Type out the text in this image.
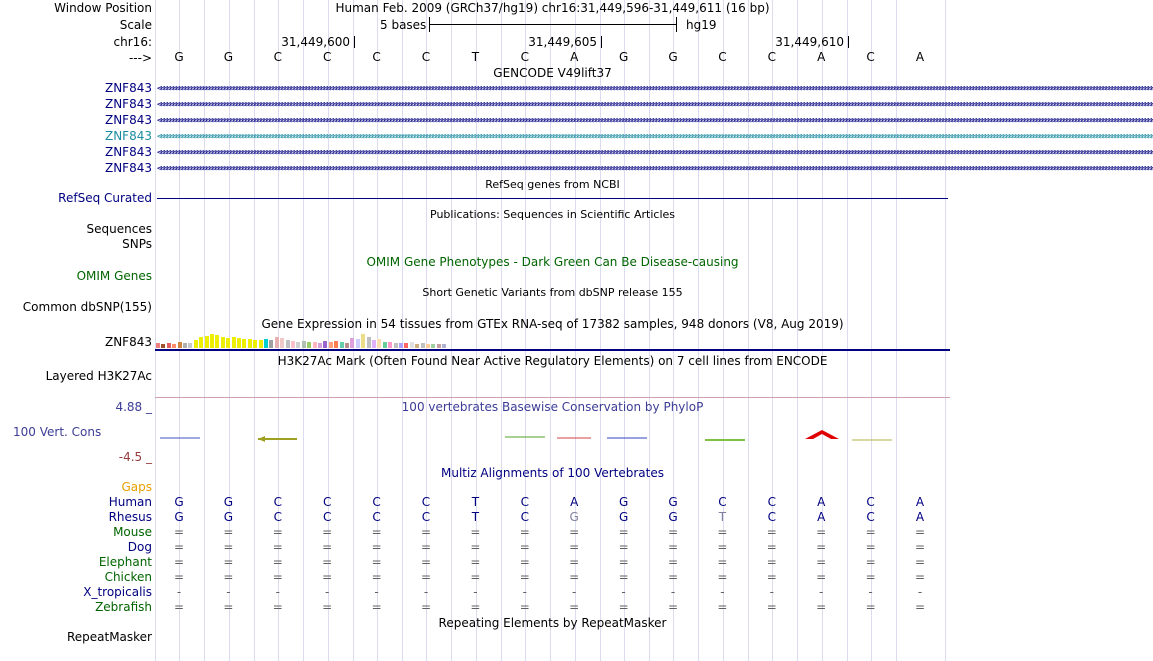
Window Position	Human Feb. 2009 (GRCh37/hg19) chr16:31,449,596-31,449,611 (16 bp)
Scale	5 bases	hg19
chr16:	31,449,600	31,449,605	31,449,610
--->	G	G	C	C	C	C	T	C	A	G	G	C	C	A	C	A
GENCODE V49lift37
ZNF843 <<<<<<<<<<<<<<<<<<<<<<<<<<<<<<<<<<<<<<<<<<<<<<<<<<<<<<<<<<<<<<<<<<<<<<<<<<<<<<<<<<<<<<<<<<<<<<<<<<<<<<<<<<<<<<<<<<<<<<<<<<<<<<<<<<<<<<<<<<<<<<<<<<<<<<<<<<<<<<<<<<<<<<<<<<<<<<<<<<<<<<<<<<<<<<<<<<<<<<<<<<<<<<<<<<<<<<<<<<<<<<<<<<<<<<<<<<<<<<<<<<<<<<<<<<<<<<<<<<<<<<<<<<<<<<<<<<<<<<<<<<<<<<<<<<<<<<<<<<<<<<<<<<<<<<<<<<<<<<<<<<<<<<<<<<
ZNF843 <<<<<<<<<<<<<<<<<<<<<<<<<<<<<<<<<<<<<<<<<<<<<<<<<<<<<<<<<<<<<<<<<<<<<<<<<<<<<<<<<<<<<<<<<<<<<<<<<<<<<<<<<<<<<<<<<<<<<<<<<<<<<<<<<<<<<<<<<<<<<<<<<<<<<<<<<<<<<<<<<<<<<<<<<<<<<<<<<<<<<<<<<<<<<<<<<<<<<<<<<<<<<<<<<<<<<<<<<<<<<<<<<<<<<<<<<<<<<<<<<<<<<<<<<<<<<<<<<<<<<<<<<<<<<<<<<<<<<<<<<<<<<<<<<<<<<<<<<<<<<<<<<<<<<<<<<<<<<<<<<<<<<<<<<<
ZNF843 <<<<<<<<<<<<<<<<<<<<<<<<<<<<<<<<<<<<<<<<<<<<<<<<<<<<<<<<<<<<<<<<<<<<<<<<<<<<<<<<<<<<<<<<<<<<<<<<<<<<<<<<<<<<<<<<<<<<<<<<<<<<<<<<<<<<<<<<<<<<<<<<<<<<<<<<<<<<<<<<<<<<<<<<<<<<<<<<<<<<<<<<<<<<<<<<<<<<<<<<<<<<<<<<<<<<<<<<<<<<<<<<<<<<<<<<<<<<<<<<<<<<<<<<<<<<<<<<<<<<<<<<<<<<<<<<<<<<<<<<<<<<<<<<<<<<<<<<<<<<<<<<<<<<<<<<<<<<<<<<<<<<<<<<<<
ZNF843 <<<<<<<<<<<<<<<<<<<<<<<<<<<<<<<<<<<<<<<<<<<<<<<<<<<<<<<<<<<<<<<<<<<<<<<<<<<<<<<<<<<<<<<<<<<<<<<<<<<<<<<<<<<<<<<<<<<<<<<<<<<<<<<<<<<<<<<<<<<<<<<<<<<<<<<<<<<<<<<<<<<<<<<<<<<<<<<<<<<<<<<<<<<<<<<<<<<<<<<<<<<<<<<<<<<<<<<<<<<<<<<<<<<<<<<<<<<<<<<<<<<<<<<<<<<<<<<<<<<<<<<<<<<<<<<<<<<<<<<<<<<<<<<<<<<<<<<<<<<<<<<<<<<<<<<<<<<<<<<<<<<<<<<<<<
ZNF843 <<<<<<<<<<<<<<<<<<<<<<<<<<<<<<<<<<<<<<<<<<<<<<<<<<<<<<<<<<<<<<<<<<<<<<<<<<<<<<<<<<<<<<<<<<<<<<<<<<<<<<<<<<<<<<<<<<<<<<<<<<<<<<<<<<<<<<<<<<<<<<<<<<<<<<<<<<<<<<<<<<<<<<<<<<<<<<<<<<<<<<<<<<<<<<<<<<<<<<<<<<<<<<<<<<<<<<<<<<<<<<<<<<<<<<<<<<<<<<<<<<<<<<<<<<<<<<<<<<<<<<<<<<<<<<<<<<<<<<<<<<<<<<<<<<<<<<<<<<<<<<<<<<<<<<<<<<<<<<<<<<<<<<<<<<
ZNF843 <<<<<<<<<<<<<<<<<<<<<<<<<<<<<<<<<<<<<<<<<<<<<<<<<<<<<<<<<<<<<<<<<<<<<<<<<<<<<<<<<<<<<<<<<<<<<<<<<<<<<<<<<<<<<<<<<<<<<<<<<<<<<<<<<<<<<<<<<<<<<<<<<<<<<<<<<<<<<<<<<<<<<<<<<<<<<<<<<<<<<<<<<<<<<<<<<<<<<<<<<<<<<<<<<<<<<<<<<<<<<<<<<<<<<<<<<<<<<<<<<<<<<<<<<<<<<<<<<<<<<<<<<<<<<<<<<<<<<<<<<<<<<<<<<<<<<<<<<<<<<<<<<<<<<<<<<<<<<<<<<<<<<<<<<<
RefSeq genes from NCBI
RefSeq Curated
Publications: Sequences in Scientific Articles
Sequences
SNPs
OMIM Gene Phenotypes - Dark Green Can Be Disease-causing
OMIM Genes
Short Genetic Variants from dbSNP release 155
Common dbSNP(155)
Gene Expression in 54 tissues from GTEx RNA-seq of 17382 samples, 948 donors (V8, Aug 2019)
ZNF843
H3K27Ac Mark (Often Found Near Active Regulatory Elements) on 7 cell lines from ENCODE
Layered H3K27Ac
100 vertebrates Basewise Conservation by PhyloP
4.88 _
100 Vert. Cons
-4.5 _
Multiz Alignments of 100 Vertebrates
Gaps
Human	G	G	C	C	C	C	T	C	A	G	G	C	C	A	C	A
Rhesus	G	G	C	C	C	C	T	C	G	G	G	T	C	A	C	A
Mouse	=	=	=	=	=	=	=	=	=	=	=	=	=	=	=	=
Dog	=	=	=	=	=	=	=	=	=	=	=	=	=	=	=	=
Elephant	=	=	=	=	=	=	=	=	=	=	=	=	=	=	=	=
Chicken	=	=	=	=	=	=	=	=	=	=	=	=	=	=	=	=
X_tropicalis	-	-	-	-	-	-	-	-	-	-	-	-	-	-	-	-
Zebrafish	=	=	=	=	=	=	=	=	=	=	=	=	=	=	=	=
Repeating Elements by RepeatMasker
RepeatMasker
